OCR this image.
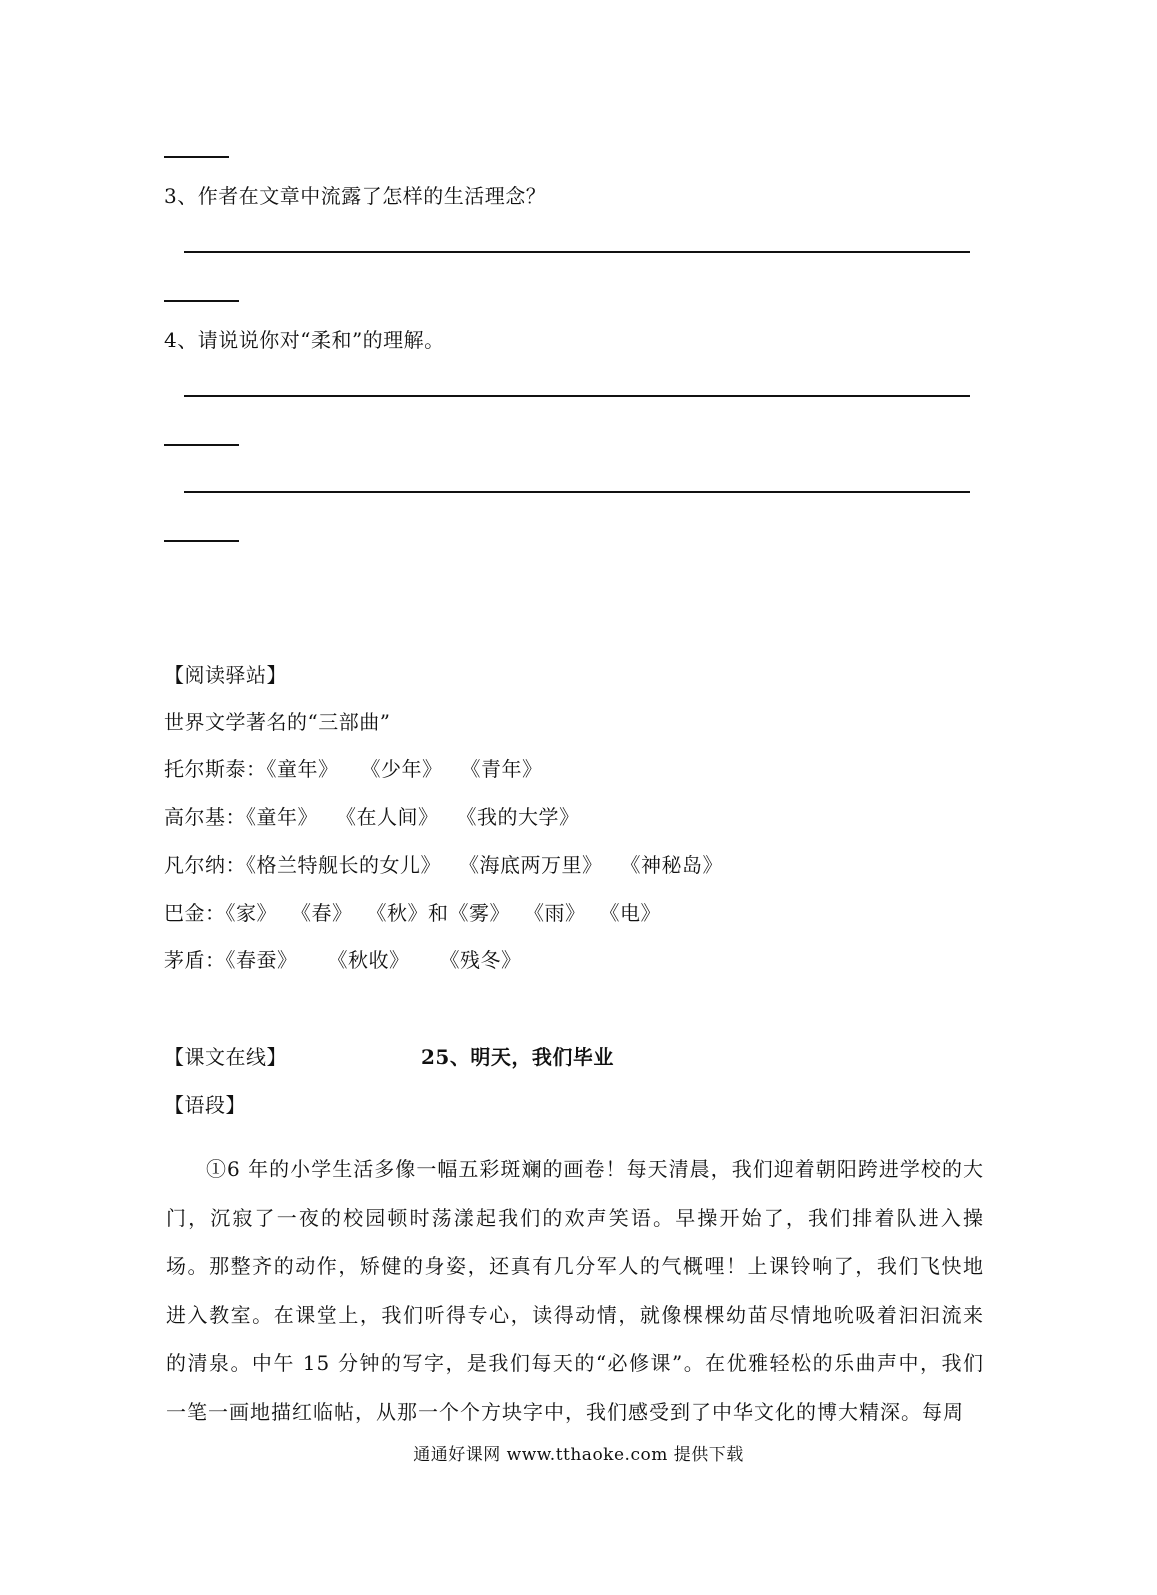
3、作者在文章中流露了怎样的生活理念？
4、请说说你对“柔和”的理解。
【阅读驿站】
世界文学著名的“三部曲”
托尔斯泰：《童年》 《少年》 《青年》
高尔基：《童年》 《在人间》 《我的大学》
凡尔纳：《格兰特舰长的女儿》 《海底两万里》 《神秘岛》
巴金：《家》 《春》 《秋》和《雾》 《雨》 《电》
茅盾：《春蚕》 《秋收》 《残冬》
【课文在线】	25、明天，我们毕业
【语段】
①6 年的小学生活多像一幅五彩斑斓的画卷！每天清晨，我们迎着朝阳跨进学校的大门，沉寂了一夜的校园顿时荡漾起我们的欢声笑语。早操开始了，我们排着队进入操场。那整齐的动作，矫健的身姿，还真有几分军人的气概哩！上课铃响了，我们飞快地进入教室。在课堂上，我们听得专心，读得动情，就像棵棵幼苗尽情地吮吸着汩汩流来的清泉。中午 15 分钟的写字，是我们每天的“必修课”。在优雅轻松的乐曲声中，我们一笔一画地描红临帖，从那一个个方块字中，我们感受到了中华文化的博大精深。每周
通通好课网 www.tthaoke.com 提供下载
